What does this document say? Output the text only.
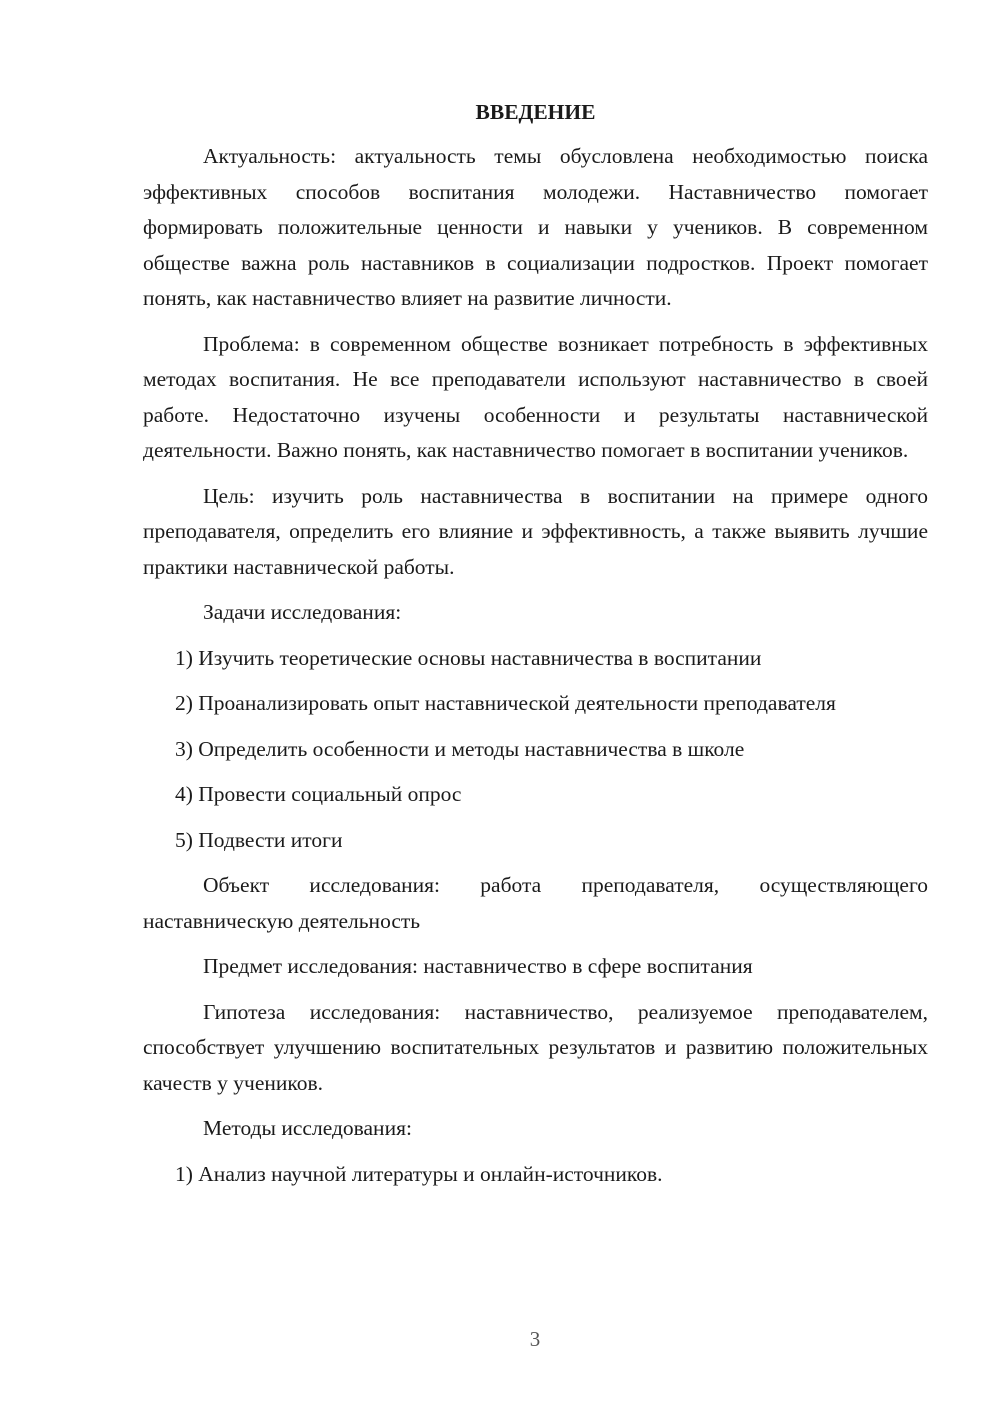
ВВЕДЕНИЕ
Актуальность: актуальность темы обусловлена необходимостью поиска эффективных способов воспитания молодежи. Наставничество помогает формировать положительные ценности и навыки у учеников. В современном обществе важна роль наставников в социализации подростков. Проект помогает понять, как наставничество влияет на развитие личности.
Проблема: в современном обществе возникает потребность в эффективных методах воспитания. Не все преподаватели используют наставничество в своей работе. Недостаточно изучены особенности и результаты наставнической деятельности. Важно понять, как наставничество помогает в воспитании учеников.
Цель: изучить роль наставничества в воспитании на примере одного преподавателя, определить его влияние и эффективность, а также выявить лучшие практики наставнической работы.
Задачи исследования:
1) Изучить теоретические основы наставничества в воспитании
2) Проанализировать опыт наставнической деятельности преподавателя
3) Определить особенности и методы наставничества в школе
4) Провести социальный опрос
5) Подвести итоги
Объект исследования: работа преподавателя, осуществляющего наставническую деятельность
Предмет исследования: наставничество в сфере воспитания
Гипотеза исследования: наставничество, реализуемое преподавателем, способствует улучшению воспитательных результатов и развитию положительных качеств у учеников.
Методы исследования:
1) Анализ научной литературы и онлайн-источников.
3
